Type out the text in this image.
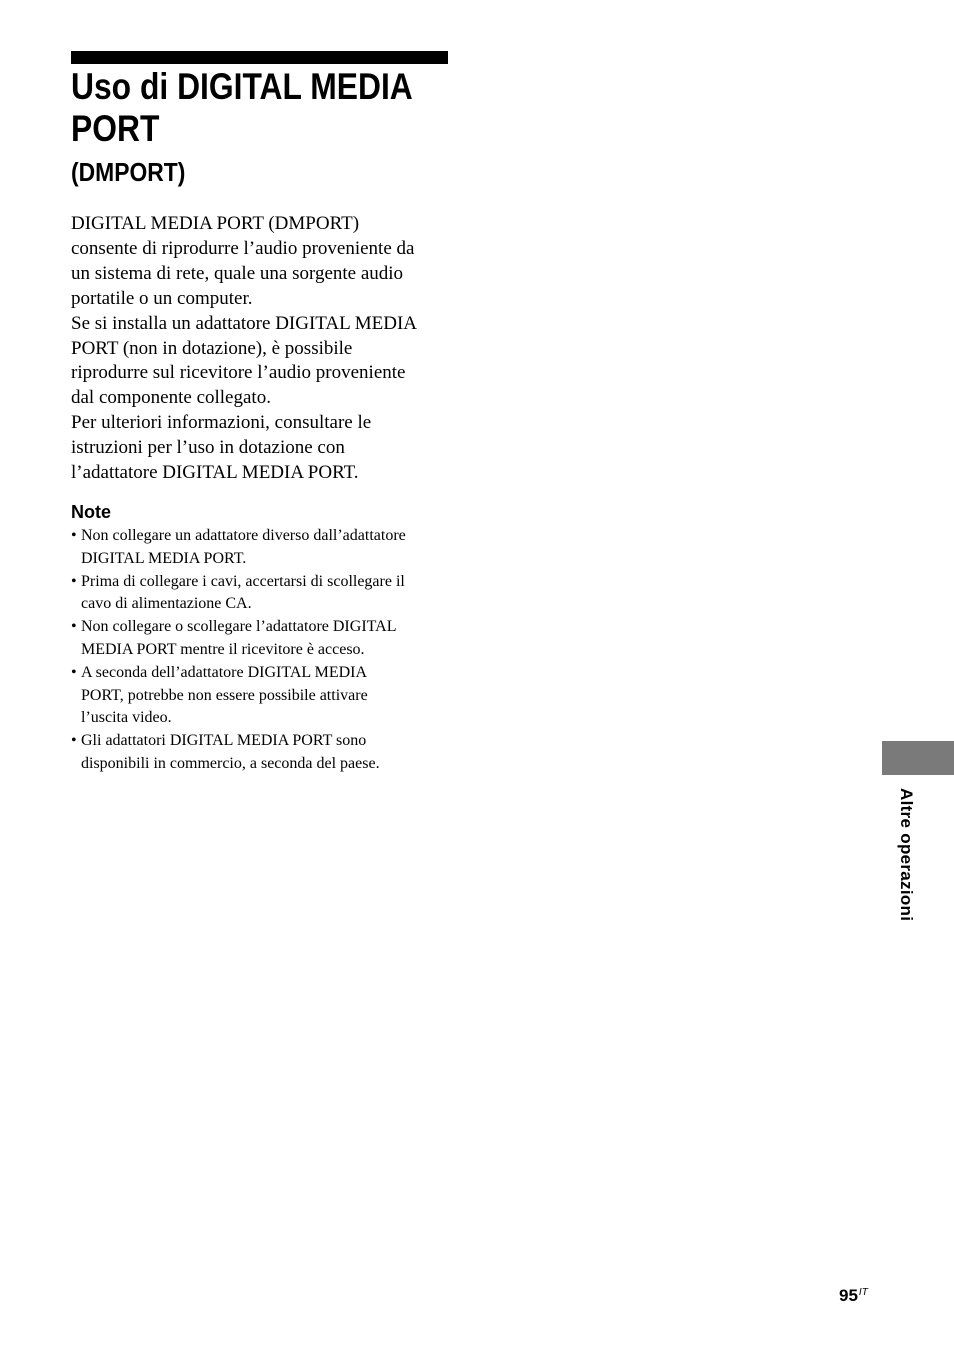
Uso di DIGITAL MEDIA
PORT
(DMPORT)
DIGITAL MEDIA PORT (DMPORT)
consente di riprodurre l’audio proveniente da
un sistema di rete, quale una sorgente audio
portatile o un computer.
Se si installa un adattatore DIGITAL MEDIA
PORT (non in dotazione), è possibile
riprodurre sul ricevitore l’audio proveniente
dal componente collegato.
Per ulteriori informazioni, consultare le
istruzioni per l’uso in dotazione con
l’adattatore DIGITAL MEDIA PORT.
Note
• Non collegare un adattatore diverso dall’adattatore
DIGITAL MEDIA PORT.
• Prima di collegare i cavi, accertarsi di scollegare il
cavo di alimentazione CA.
• Non collegare o scollegare l’adattatore DIGITAL
MEDIA PORT mentre il ricevitore è acceso.
• A seconda dell’adattatore DIGITAL MEDIA
PORT, potrebbe non essere possibile attivare
l’uscita video.
• Gli adattatori DIGITAL MEDIA PORT sono
disponibili in commercio, a seconda del paese.
Altre operazioni
$95^{IT}$
